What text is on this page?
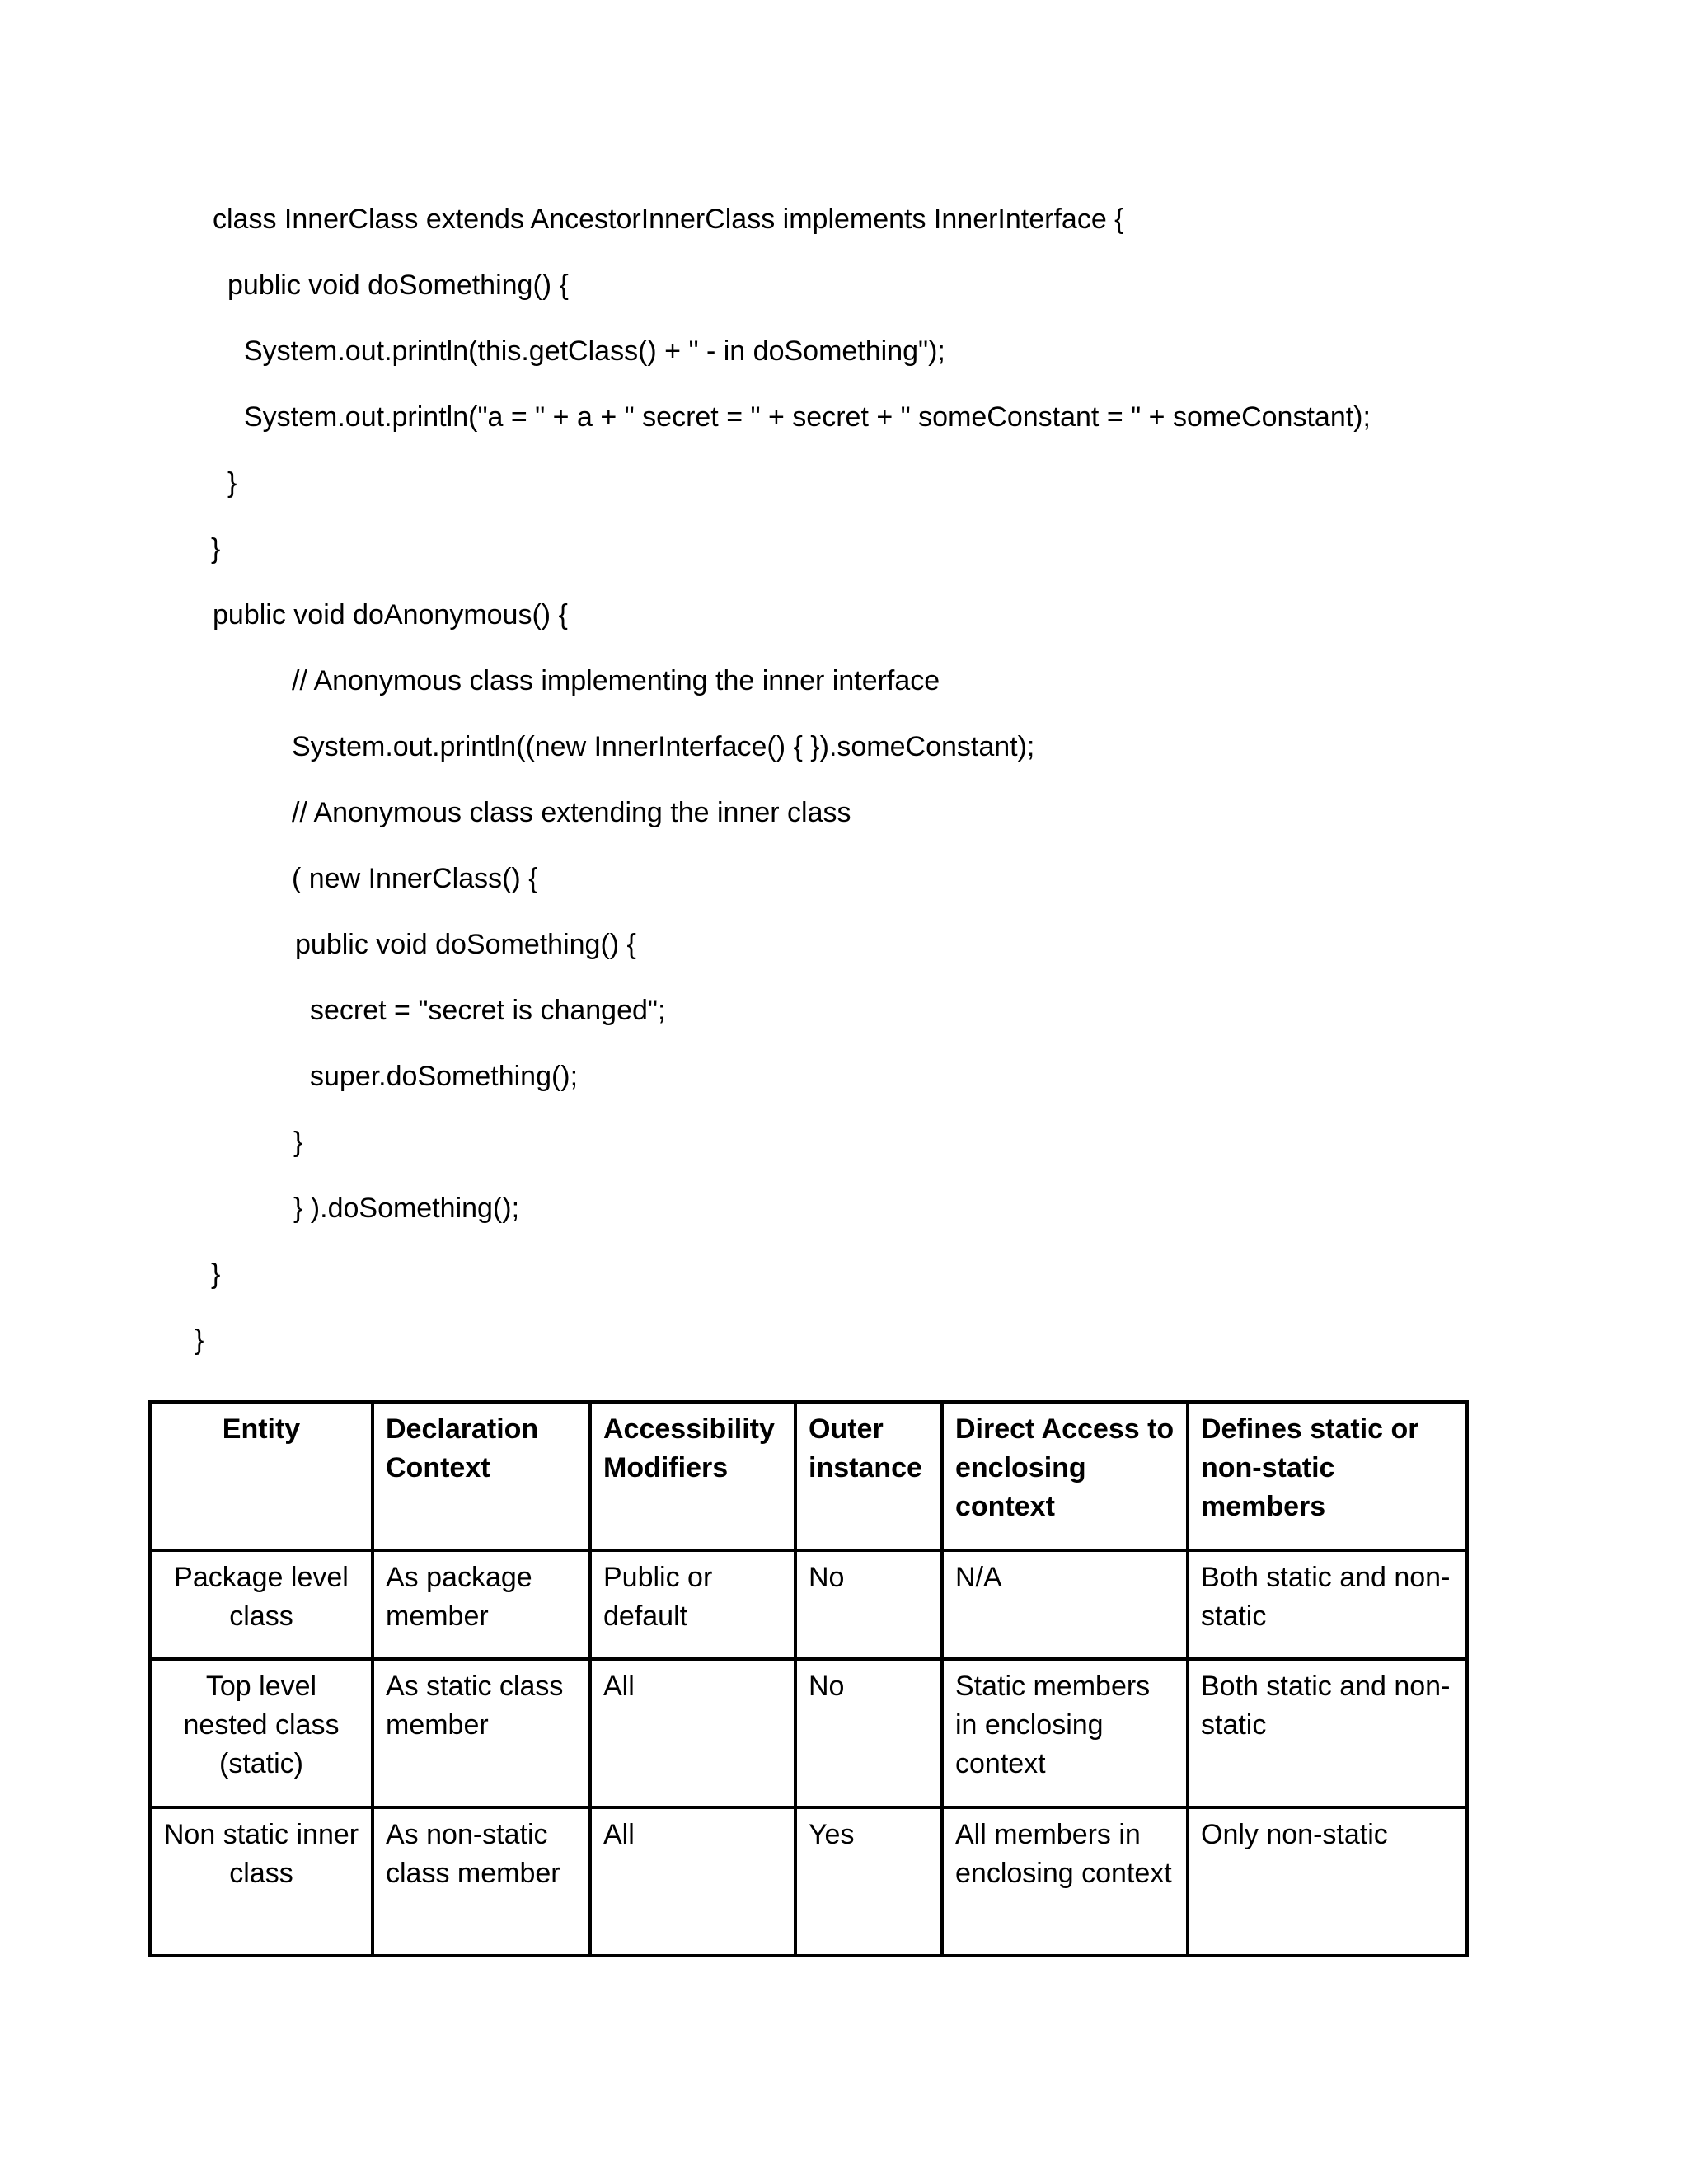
class InnerClass extends AncestorInnerClass implements InnerInterface {

public void doSomething() {

System.out.println(this.getClass() + " - in doSomething");

System.out.println("a = " + a + " secret = " + secret + " someConstant = " + someConstant);

}

}

public void doAnonymous() {

// Anonymous class implementing the inner interface

System.out.println((new InnerInterface() { }).someConstant);

// Anonymous class extending the inner class

( new InnerClass() {

public void doSomething() {

secret = "secret is changed";

super.doSomething();

}

} ).doSomething();

}

}

Entity	Declaration Context	Accessibility Modifiers	Outer instance	Direct Access to enclosing context	Defines static or non-static members
Package level class	As package member	Public or default	No	N/A	Both static and non-static
Top level nested class (static)	As static class member	All	No	Static members in enclosing context	Both static and non-static
Non static inner class	As non-static class member	All	Yes	All members in enclosing context	Only non-static
